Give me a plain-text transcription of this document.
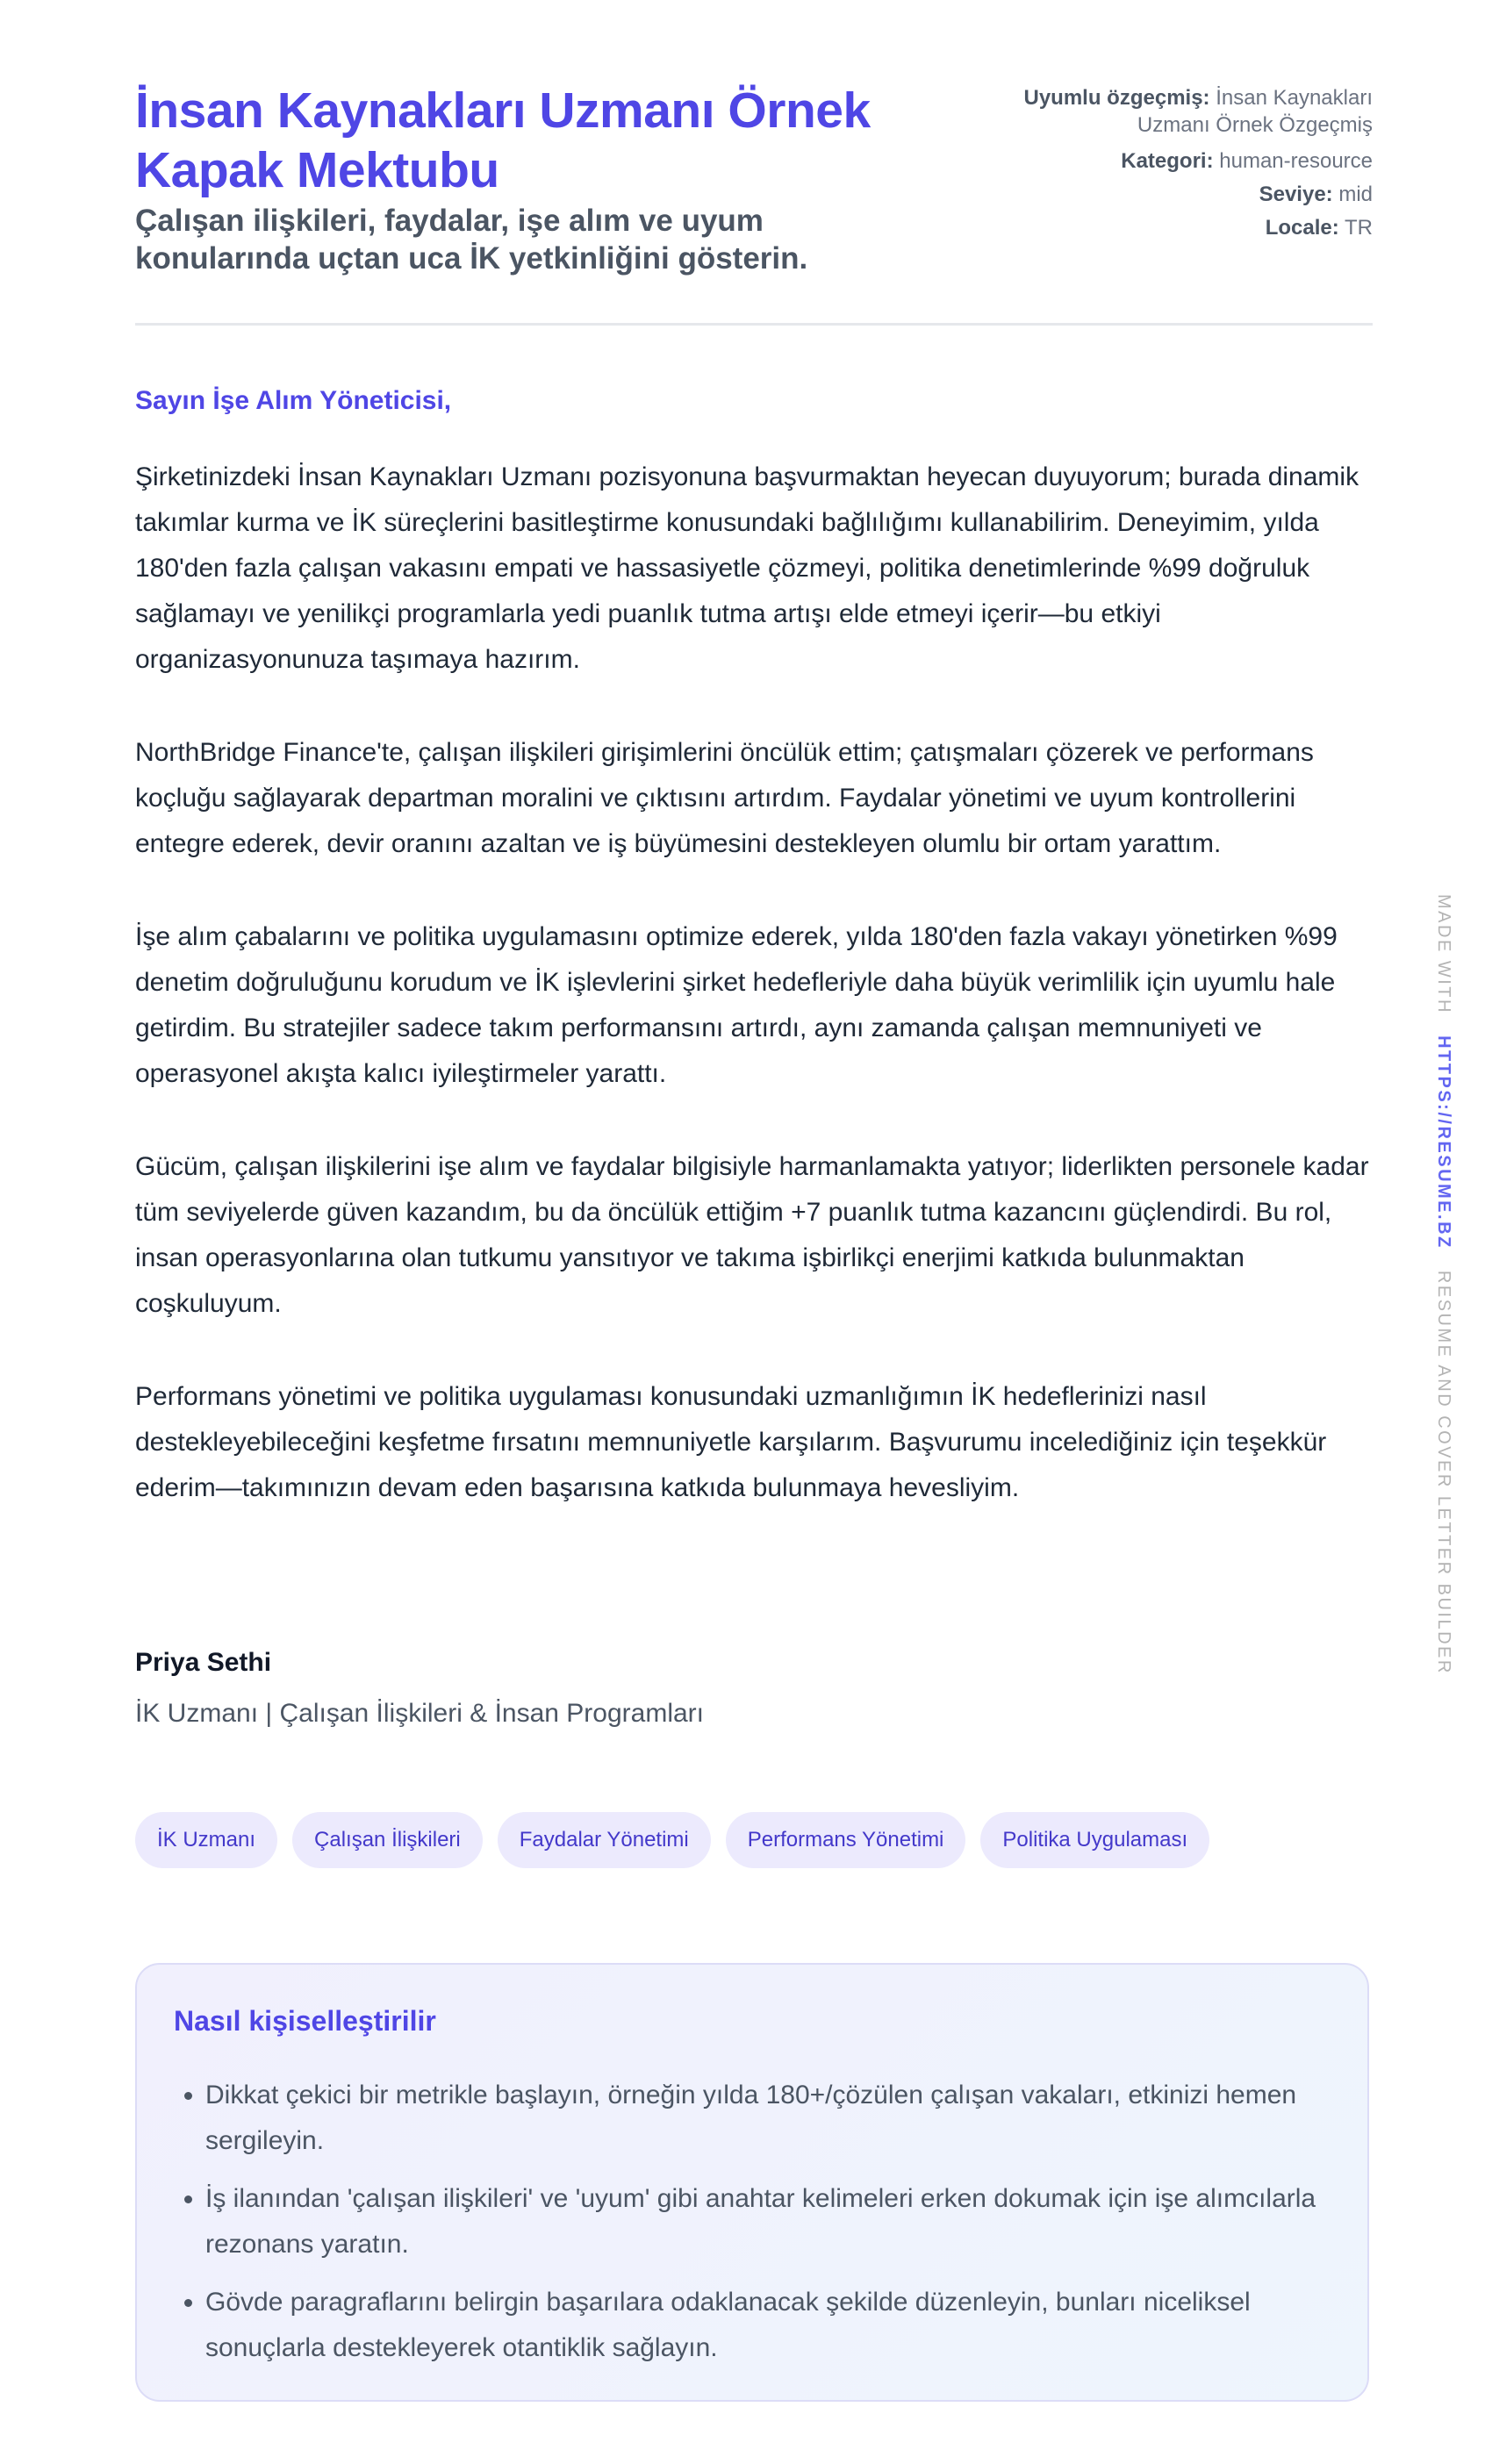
İnsan Kaynakları Uzmanı Örnek Kapak Mektubu
Çalışan ilişkileri, faydalar, işe alım ve uyum konularında uçtan uca İK yetkinliğini gösterin.

Uyumlu özgeçmiş: İnsan Kaynakları Uzmanı Örnek Özgeçmiş

Kategori: human-resource

Seviye: mid

Locale: TR

Sayın İşe Alım Yöneticisi,

Şirketinizdeki İnsan Kaynakları Uzmanı pozisyonuna başvurmaktan heyecan duyuyorum; burada dinamik takımlar kurma ve İK süreçlerini basitleştirme konusundaki bağlılığımı kullanabilirim. Deneyimim, yılda 180'den fazla çalışan vakasını empati ve hassasiyetle çözmeyi, politika denetimlerinde %99 doğruluk sağlamayı ve yenilikçi programlarla yedi puanlık tutma artışı elde etmeyi içerir—bu etkiyi organizasyonunuza taşımaya hazırım.

NorthBridge Finance'te, çalışan ilişkileri girişimlerini öncülük ettim; çatışmaları çözerek ve performans koçluğu sağlayarak departman moralini ve çıktısını artırdım. Faydalar yönetimi ve uyum kontrollerini entegre ederek, devir oranını azaltan ve iş büyümesini destekleyen olumlu bir ortam yarattım.

İşe alım çabalarını ve politika uygulamasını optimize ederek, yılda 180'den fazla vakayı yönetirken %99 denetim doğruluğunu korudum ve İK işlevlerini şirket hedefleriyle daha büyük verimlilik için uyumlu hale getirdim. Bu stratejiler sadece takım performansını artırdı, aynı zamanda çalışan memnuniyeti ve operasyonel akışta kalıcı iyileştirmeler yarattı.

Gücüm, çalışan ilişkilerini işe alım ve faydalar bilgisiyle harmanlamakta yatıyor; liderlikten personele kadar tüm seviyelerde güven kazandım, bu da öncülük ettiğim +7 puanlık tutma kazancını güçlendirdi. Bu rol, insan operasyonlarına olan tutkumu yansıtıyor ve takıma işbirlikçi enerjimi katkıda bulunmaktan coşkuluyum.

Performans yönetimi ve politika uygulaması konusundaki uzmanlığımın İK hedeflerinizi nasıl destekleyebileceğini keşfetme fırsatını memnuniyetle karşılarım. Başvurumu incelediğiniz için teşekkür ederim—takımınızın devam eden başarısına katkıda bulunmaya hevesliyim.

Priya Sethi
İK Uzmanı | Çalışan İlişkileri & İnsan Programları
İK Uzmanı	Çalışan İlişkileri	Faydalar Yönetimi	Performans Yönetimi	Politika Uygulaması
Nasıl kişiselleştirilir
• Dikkat çekici bir metrikle başlayın, örneğin yılda 180+/çözülen çalışan vakaları, etkinizi hemen sergileyin.
• İş ilanından 'çalışan ilişkileri' ve 'uyum' gibi anahtar kelimeleri erken dokumak için işe alımcılarla rezonans yaratın.
• Gövde paragraflarını belirgin başarılara odaklanacak şekilde düzenleyin, bunları niceliksel sonuçlarla destekleyerek otantiklik sağlayın.
MADE WITH   HTTPS://RESUME.BZ   RESUME AND COVER LETTER BUILDER
